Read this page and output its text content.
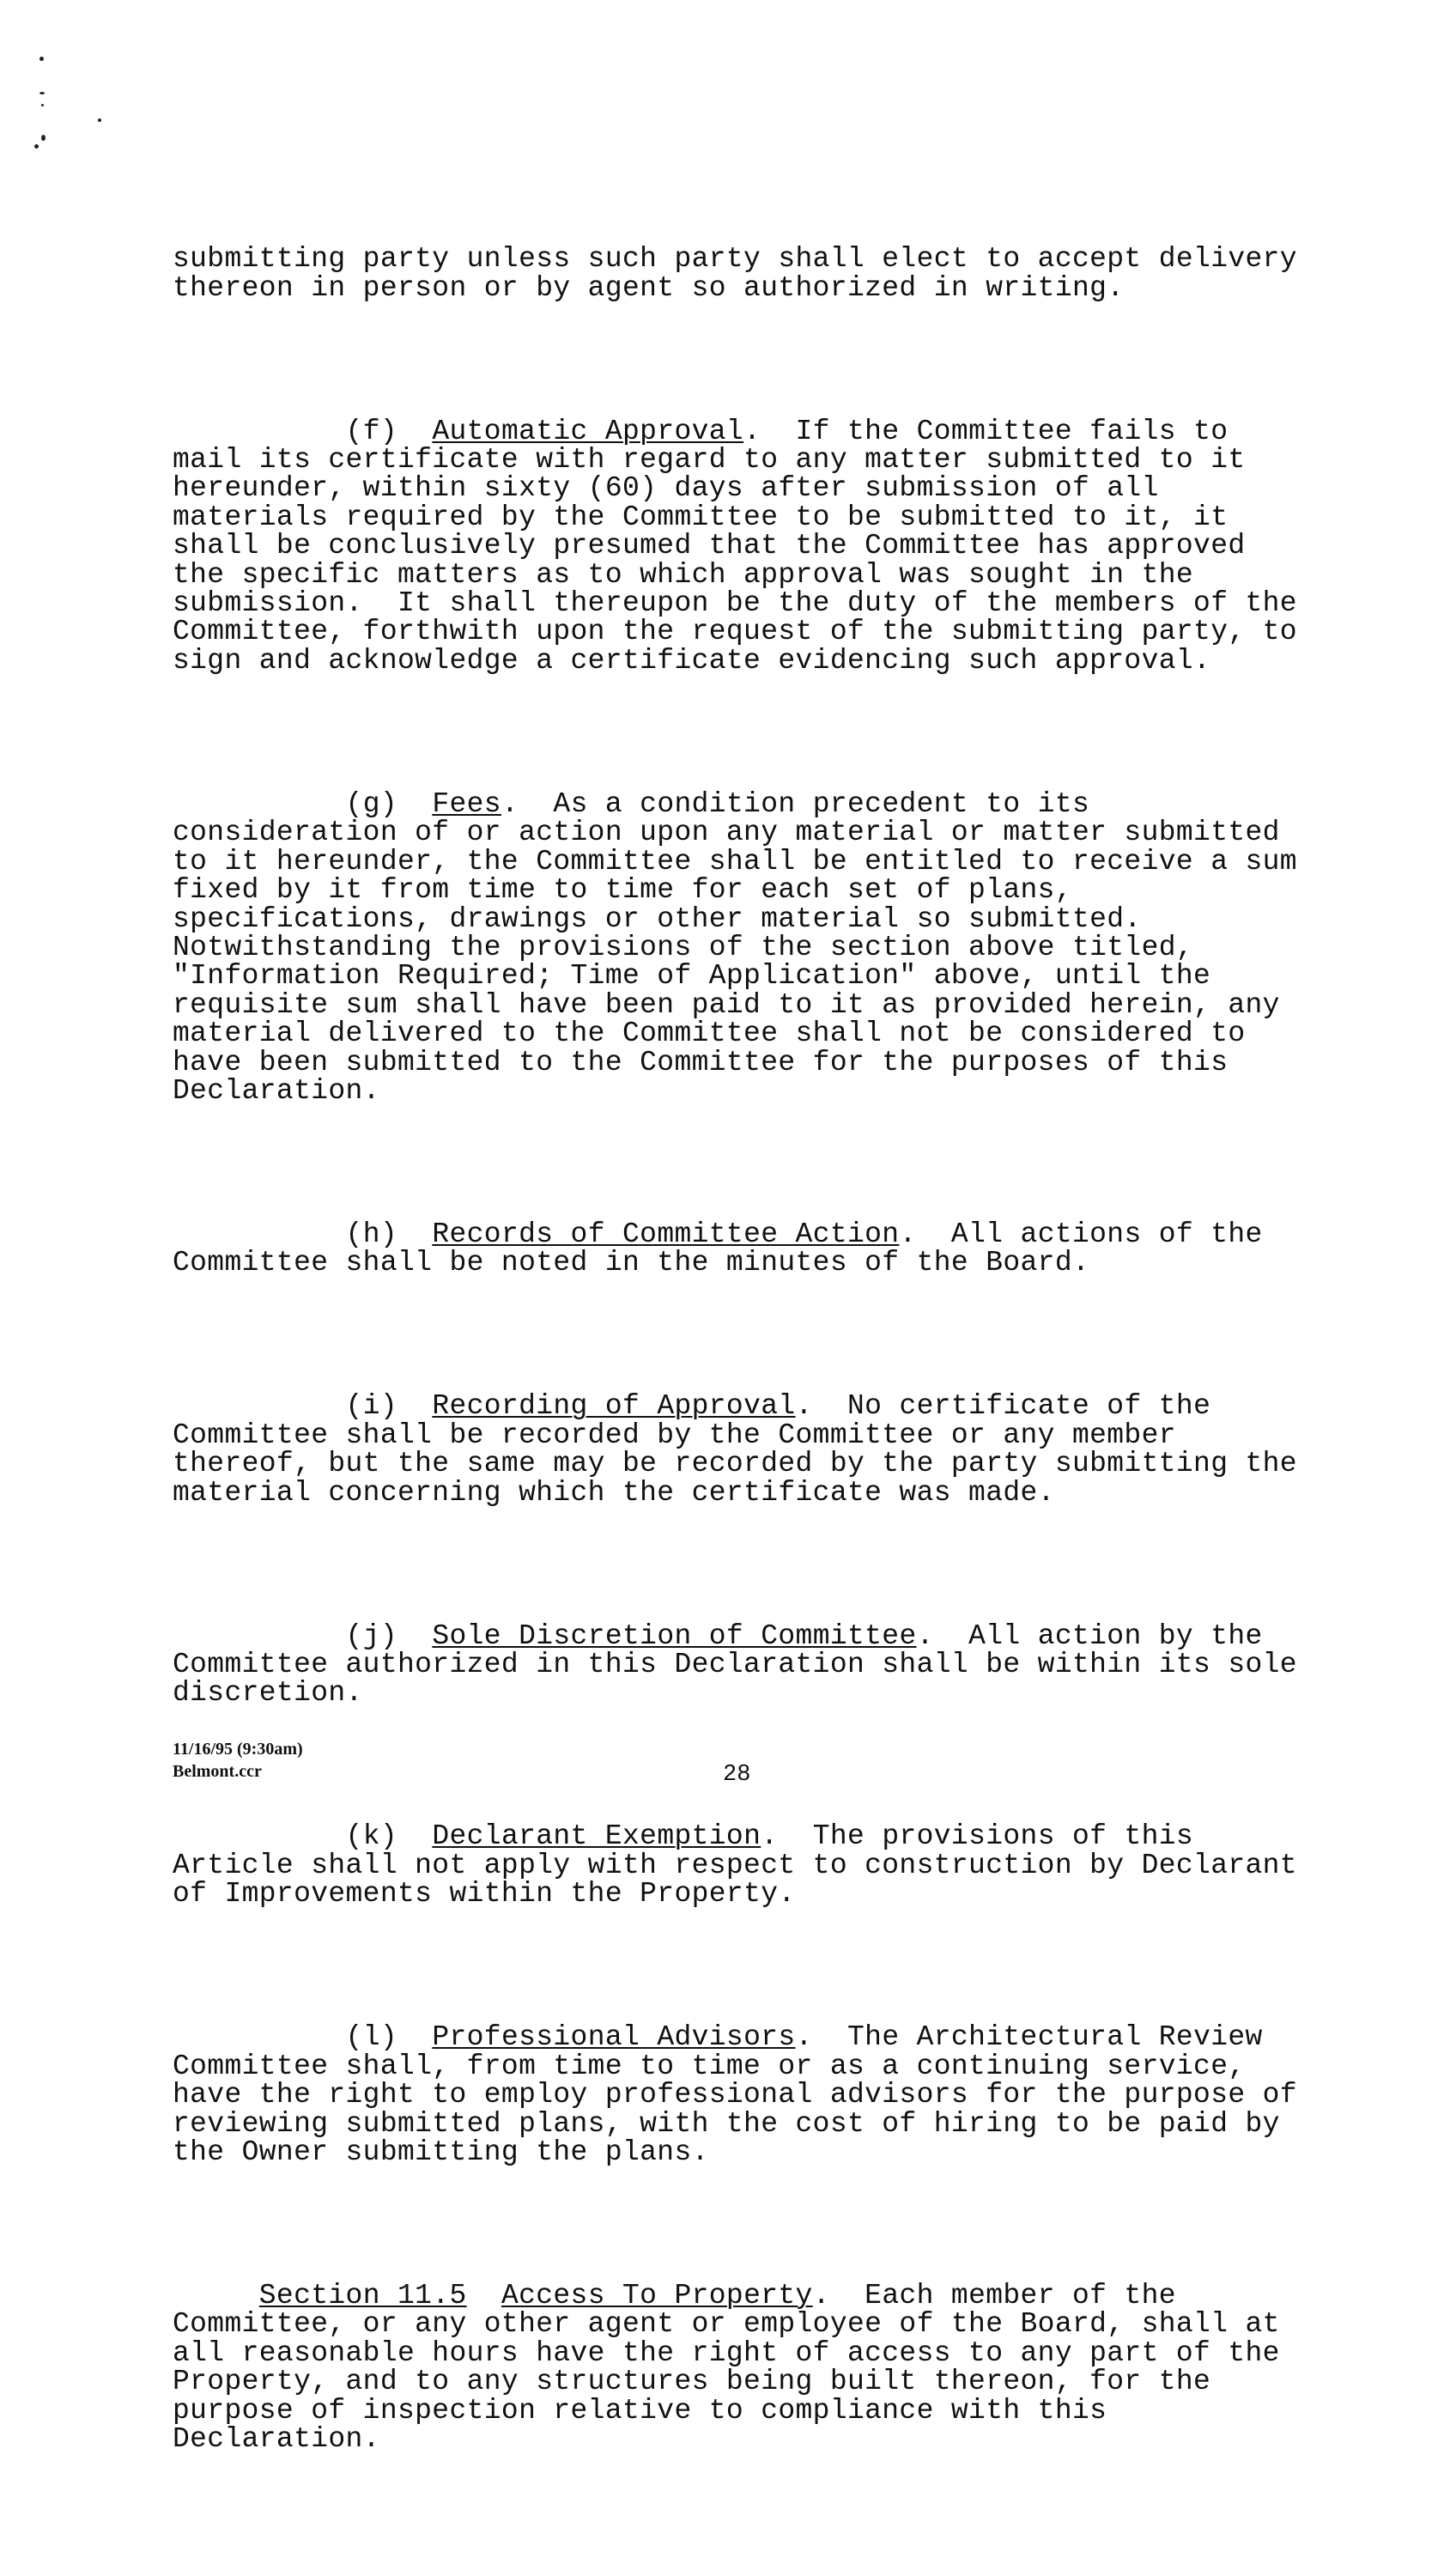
submitting party unless such party shall elect to accept delivery
thereon in person or by agent so authorized in writing.

(f) Automatic Approval.  If the Committee fails to
mail its certificate with regard to any matter submitted to it
hereunder, within sixty (60) days after submission of all
materials required by the Committee to be submitted to it, it
shall be conclusively presumed that the Committee has approved
the specific matters as to which approval was sought in the
submission.  It shall thereupon be the duty of the members of the
Committee, forthwith upon the request of the submitting party, to
sign and acknowledge a certificate evidencing such approval.

(g) Fees.  As a condition precedent to its
consideration of or action upon any material or matter submitted
to it hereunder, the Committee shall be entitled to receive a sum
fixed by it from time to time for each set of plans,
specifications, drawings or other material so submitted.
Notwithstanding the provisions of the section above titled,
"Information Required; Time of Application" above, until the
requisite sum shall have been paid to it as provided herein, any
material delivered to the Committee shall not be considered to
have been submitted to the Committee for the purposes of this
Declaration.

(h) Records of Committee Action.  All actions of the
Committee shall be noted in the minutes of the Board.

(i) Recording of Approval.  No certificate of the
Committee shall be recorded by the Committee or any member
thereof, but the same may be recorded by the party submitting the
material concerning which the certificate was made.

(j) Sole Discretion of Committee.  All action by the
Committee authorized in this Declaration shall be within its sole
discretion.

(k) Declarant Exemption.  The provisions of this
Article shall not apply with respect to construction by Declarant
of Improvements within the Property.

(l) Professional Advisors.  The Architectural Review
Committee shall, from time to time or as a continuing service,
have the right to employ professional advisors for the purpose of
reviewing submitted plans, with the cost of hiring to be paid by
the Owner submitting the plans.

Section 11.5 Access To Property.  Each member of the
Committee, or any other agent or employee of the Board, shall at
all reasonable hours have the right of access to any part of the
Property, and to any structures being built thereon, for the
purpose of inspection relative to compliance with this
Declaration.

11/16/95 (9:30am)
Belmont.ccr	28
